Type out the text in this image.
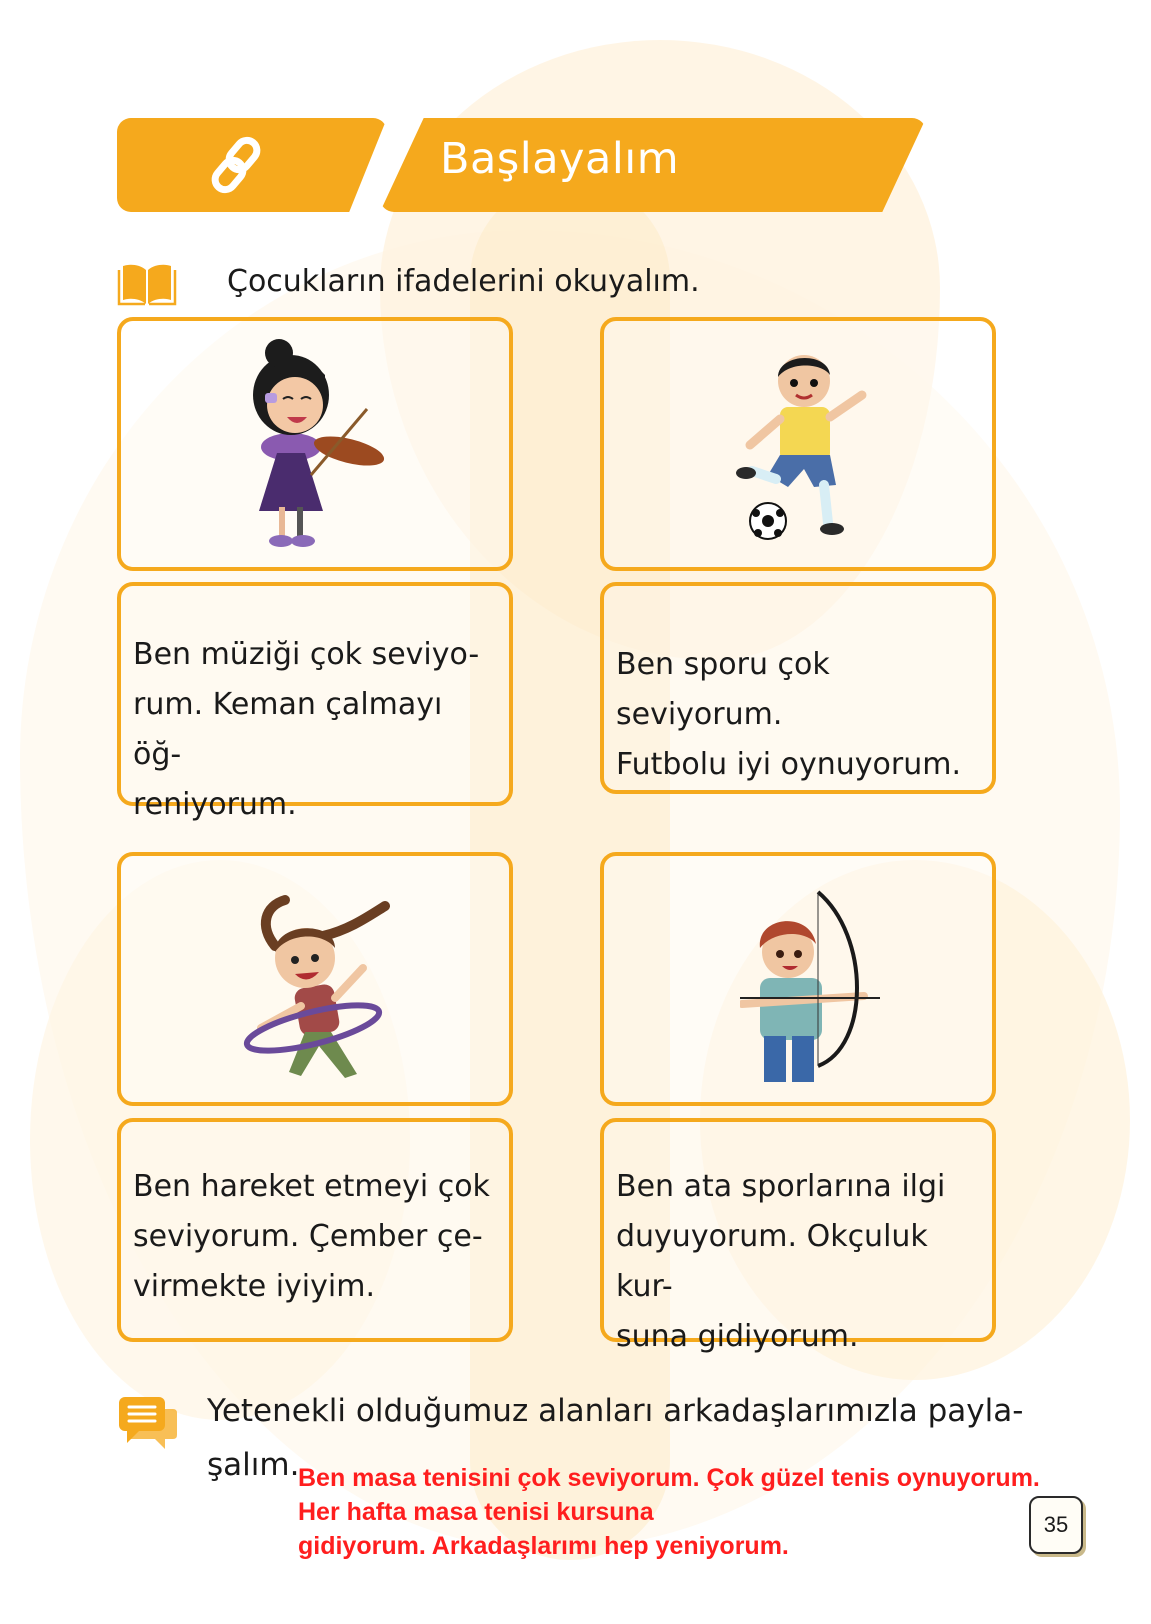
Başlayalım
Çocukların ifadelerini okuyalım.
Ben müziği çok seviyo-
rum. Keman çalmayı öğ-
reniyorum.
Ben sporu çok seviyorum.
Futbolu iyi oynuyorum.
Ben hareket etmeyi çok
seviyorum. Çember çe-
virmekte iyiyim.
Ben ata sporlarına ilgi
duyuyorum. Okçuluk kur-
suna gidiyorum.
Yetenekli olduğumuz alanları arkadaşlarımızla payla-
şalım.
Ben masa tenisini çok seviyorum. Çok güzel tenis oynuyorum.
Her hafta masa tenisi kursuna
gidiyorum. Arkadaşlarımı hep yeniyorum.
35
